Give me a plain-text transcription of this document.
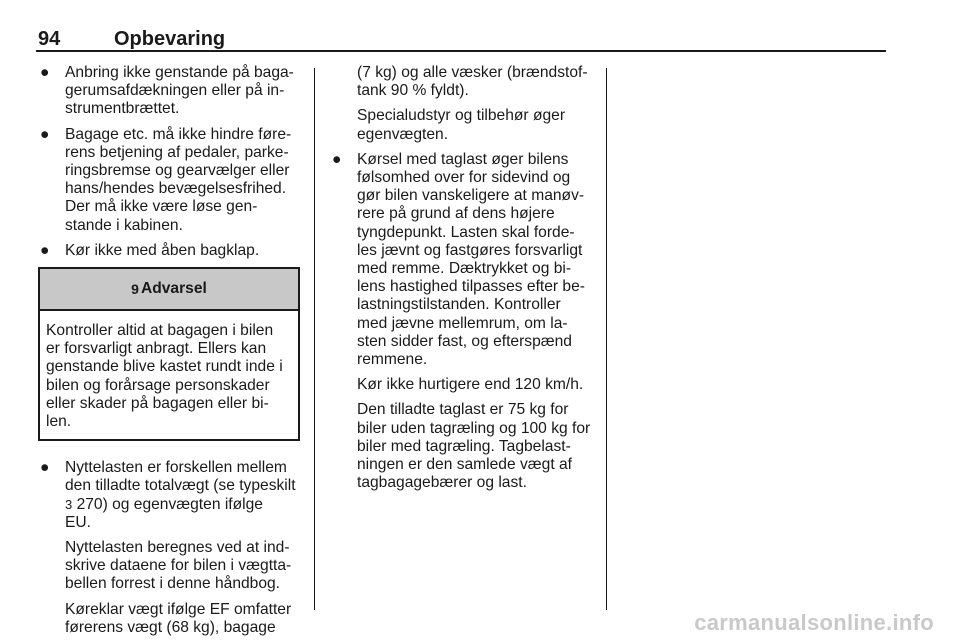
94	Opbevaring
● Anbring ikke genstande på baga-
gerumsafdækningen eller på in-
strumentbrættet.
● Bagage etc. må ikke hindre føre-
rens betjening af pedaler, parke-
ringsbremse og gearvælger eller
hans/hendes bevægelsesfrihed.
Der må ikke være løse gen-
stande i kabinen.
● Kør ikke med åben bagklap.
9 Advarsel
Kontroller altid at bagagen i bilen
er forsvarligt anbragt. Ellers kan
genstande blive kastet rundt inde i
bilen og forårsage personskader
eller skader på bagagen eller bi-
len.
● Nyttelasten er forskellen mellem
den tilladte totalvægt (se typeskilt
3 270) og egenvægten ifølge
EU.
Nyttelasten beregnes ved at ind-
skrive dataene for bilen i vægtta-
bellen forrest i denne håndbog.
Køreklar vægt ifølge EF omfatter
førerens vægt (68 kg), bagage
(7 kg) og alle væsker (brændstof-
tank 90 % fyldt).
Specialudstyr og tilbehør øger
egenvægten.
● Kørsel med taglast øger bilens
følsomhed over for sidevind og
gør bilen vanskeligere at manøv-
rere på grund af dens højere
tyngdepunkt. Lasten skal forde-
les jævnt og fastgøres forsvarligt
med remme. Dæktrykket og bi-
lens hastighed tilpasses efter be-
lastningstilstanden. Kontroller
med jævne mellemrum, om la-
sten sidder fast, og efterspænd
remmene.
Kør ikke hurtigere end 120 km/h.
Den tilladte taglast er 75 kg for
biler uden tagræling og 100 kg for
biler med tagræling. Tagbelast-
ningen er den samlede vægt af
tagbagagebærer og last.
carmanualsonline.info
